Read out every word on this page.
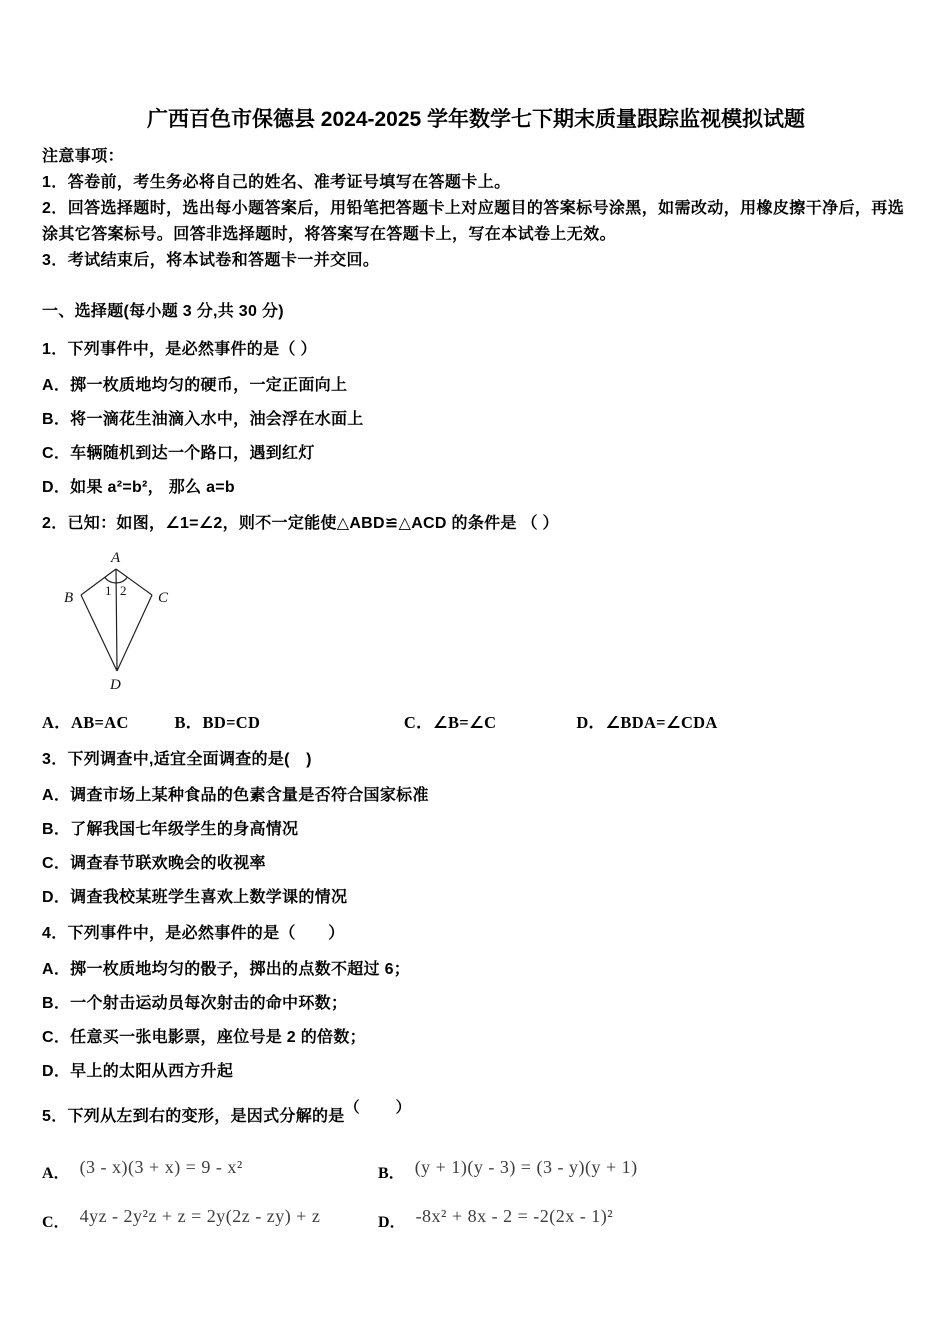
广西百色市保德县 2024-2025 学年数学七下期末质量跟踪监视模拟试题
注意事项：
1．答卷前，考生务必将自己的姓名、准考证号填写在答题卡上。
2．回答选择题时，选出每小题答案后，用铅笔把答题卡上对应题目的答案标号涂黑，如需改动，用橡皮擦干净后，再选涂其它答案标号。回答非选择题时，将答案写在答题卡上，写在本试卷上无效。
3．考试结束后，将本试卷和答题卡一并交回。
一、选择题(每小题 3 分,共 30 分)
1．下列事件中，是必然事件的是（ ）
A．掷一枚质地均匀的硬币，一定正面向上
B．将一滴花生油滴入水中，油会浮在水面上
C．车辆随机到达一个路口，遇到红灯
D．如果 a²=b²， 那么 a=b
2．已知：如图，∠1=∠2，则不一定能使△ABD≌△ACD 的条件是 （ ）
A
B	C
D
1 2
A．AB=AC	B．BD=CD	C．∠B=∠C	D．∠BDA=∠CDA
3．下列调查中,适宜全面调查的是(　)
A．调查市场上某种食品的色素含量是否符合国家标准
B．了解我国七年级学生的身高情况
C．调查春节联欢晚会的收视率
D．调查我校某班学生喜欢上数学课的情况
4．下列事件中，是必然事件的是（　　）
A．掷一枚质地均匀的骰子，掷出的点数不超过 6；
B．一个射击运动员每次射击的命中环数；
C．任意买一张电影票，座位号是 2 的倍数；
D．早上的太阳从西方升起
5．下列从左到右的变形，是因式分解的是（　　）
A． (3 - x)(3 + x) = 9 - x²	B． (y + 1)(y - 3) = (3 - y)(y + 1)
C． 4yz - 2y²z + z = 2y(2z - zy) + z	D． -8x² + 8x - 2 = -2(2x - 1)²
